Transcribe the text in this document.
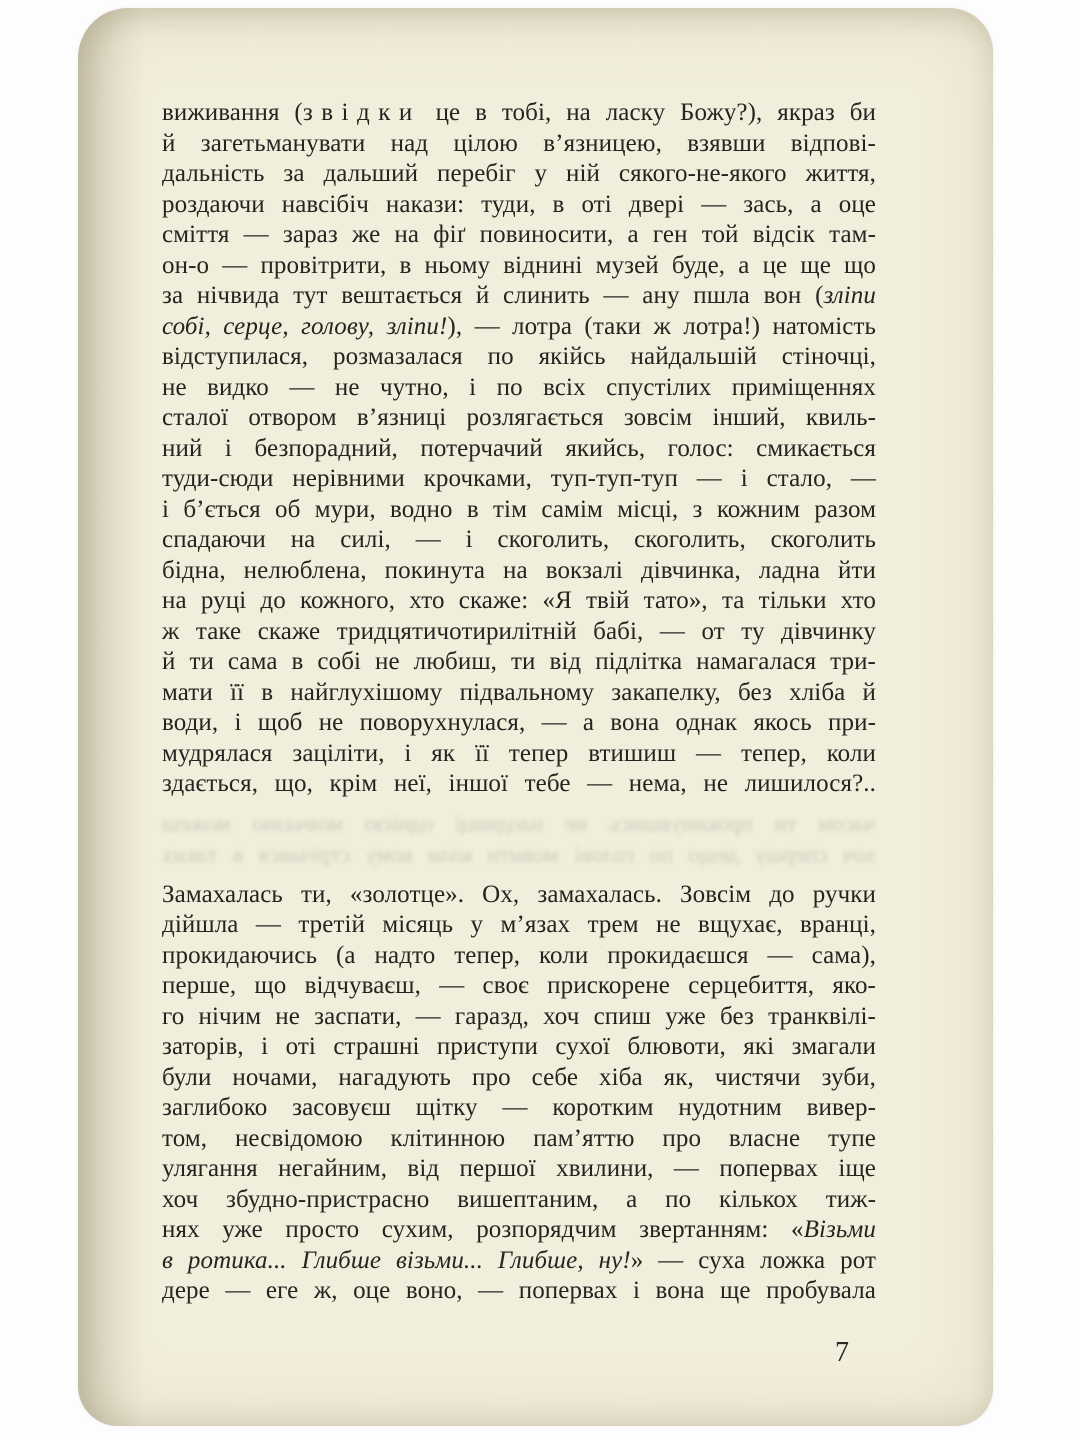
виживання (звідки це в тобі, на ласку Божу?), якраз би
й загетьманувати над цілою в’язницею, взявши відпові-
дальність за дальший перебіг у ній сякого-не-якого життя,
роздаючи навсібіч накази: туди, в оті двері — зась, а оце
сміття — зараз же на фіґ повиносити, а ген той відсік там-
он-о — провітрити, в ньому віднині музей буде, а це ще що
за нічвида тут вештається й слинить — ану пшла вон (зліпи
собі, серце, голову, зліпи!), — лотра (таки ж лотра!) натомість
відступилася, розмазалася по якійсь найдальшій стіночці,
не видко — не чутно, і по всіх спустілих приміщеннях
сталої отвором в’язниці розлягається зовсім інший, квиль-
ний і безпорадний, потерчачий якийсь, голос: смикається
туди-сюди нерівними крочками, туп-туп-туп — і стало, —
і б’ється об мури, водно в тім самім місці, з кожним разом
спадаючи на силі, — і скоголить, скоголить, скоголить
бідна, нелюблена, покинута на вокзалі дівчинка, ладна йти
на руці до кожного, хто скаже: «Я твій тато», та тільки хто
ж таке скаже тридцятичотирилітній бабі, — от ту дівчинку
й ти сама в собі не любиш, ти від підлітка намагалася три-
мати її в найглухішому підвальному закапелку, без хліба й
води, і щоб не поворухнулася, — а вона однак якось при-
мудрялася заціліти, і як її тепер втишиш — тепер, коли
здається, що, крім неї, іншої тебе — нема, не лишилося?..
Замахалась ти, «золотце». Ох, замахалась. Зовсім до ручки
дійшла — третій місяць у м’язах трем не вщухає, вранці,
прокидаючись (а надто тепер, коли прокидаєшся — сама),
перше, що відчуваєш, — своє прискорене серцебиття, яко-
го нічим не заспати, — гаразд, хоч спиш уже без транквілі-
заторів, і оті страшні приступи сухої блювоти, які змагали
були ночами, нагадують про себе хіба як, чистячи зуби,
заглибоко засовуєш щітку — коротким нудотним вивер-
том, несвідомою клітинною пам’яттю про власне тупе
улягання негайним, від першої хвилини, — попервах іще
хоч збудно-пристрасно вишептаним, а по кількох тиж-
нях уже просто сухим, розпорядчим звертанням: «Візьми
в ротика... Глибше візьми... Глибше, ну!» — суха ложка рот
дере — еге ж, оце воно, — попервах і вона ще пробувала
часом ти прокинувшись не наодинці однією мовчазно можеш
хоч спершу дещо по голові мовити коли кому стрічався в таких
7
